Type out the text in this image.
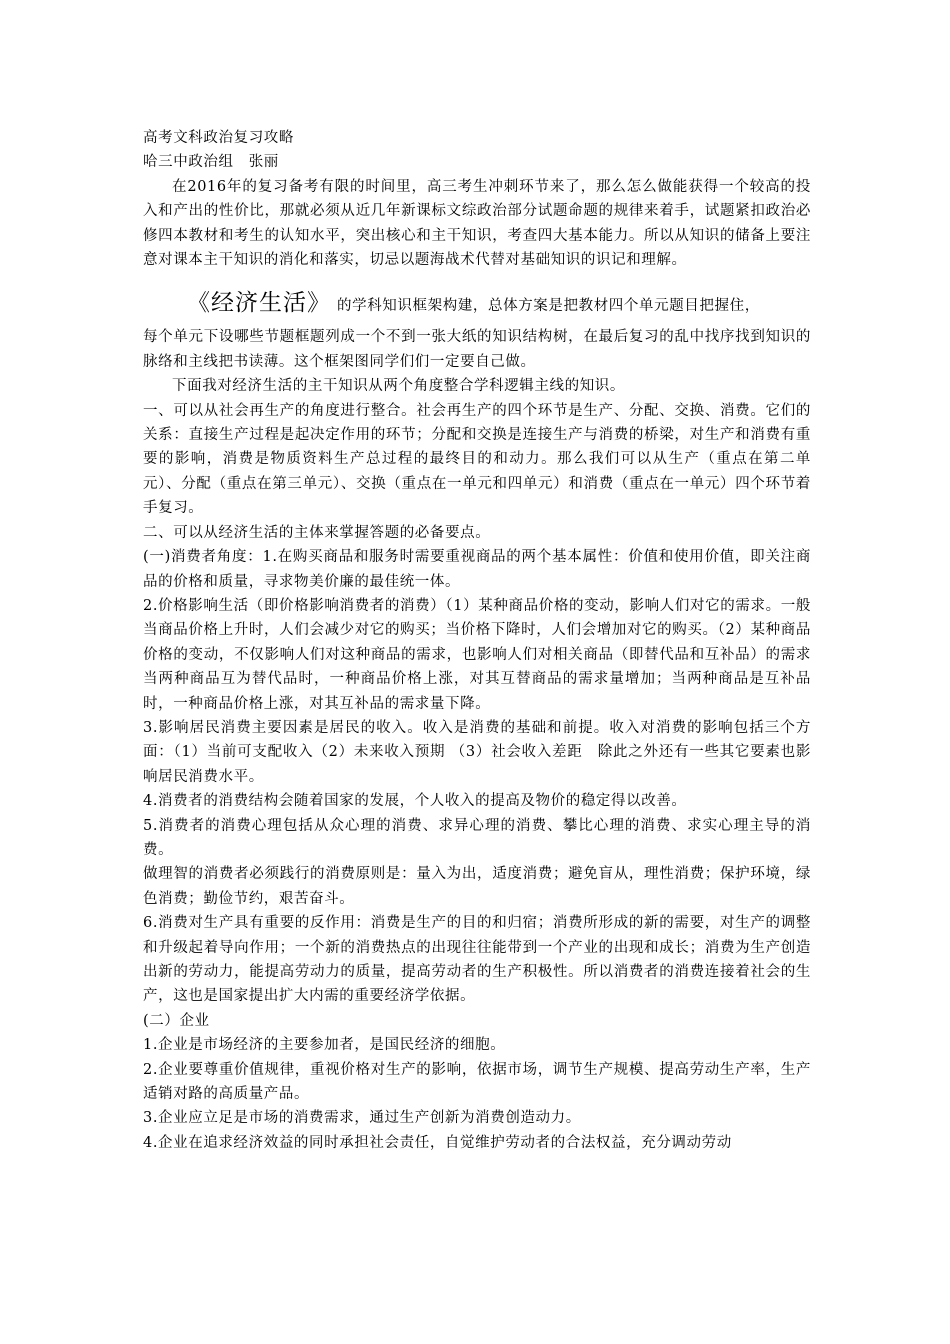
高考文科政治复习攻略

哈三中政治组　张丽

在2016年的复习备考有限的时间里，高三考生冲刺环节来了，那么怎么做能获得一个较高的投入和产出的性价比，那就必须从近几年新课标文综政治部分试题命题的规律来着手，试题紧扣政治必修四本教材和考生的认知水平，突出核心和主干知识，考查四大基本能力。所以从知识的储备上要注意对课本主干知识的消化和落实，切忌以题海战术代替对基础知识的识记和理解。

《经济生活》 的学科知识框架构建，总体方案是把教材四个单元题目把握住，

每个单元下设哪些节题框题列成一个不到一张大纸的知识结构树，在最后复习的乱中找序找到知识的脉络和主线把书读薄。这个框架图同学们们一定要自己做。

下面我对经济生活的主干知识从两个角度整合学科逻辑主线的知识。

一、可以从社会再生产的角度进行整合。社会再生产的四个环节是生产、分配、交换、消费。它们的关系：直接生产过程是起决定作用的环节；分配和交换是连接生产与消费的桥梁，对生产和消费有重要的影响，消费是物质资料生产总过程的最终目的和动力。那么我们可以从生产（重点在第二单元）、分配（重点在第三单元）、交换（重点在一单元和四单元）和消费（重点在一单元）四个环节着手复习。

二、可以从经济生活的主体来掌握答题的必备要点。

(一)消费者角度：1.在购买商品和服务时需要重视商品的两个基本属性：价值和使用价值，即关注商品的价格和质量，寻求物美价廉的最佳统一体。

2.价格影响生活（即价格影响消费者的消费）（1）某种商品价格的变动，影响人们对它的需求。一般当商品价格上升时，人们会减少对它的购买；当价格下降时，人们会增加对它的购买。（2）某种商品价格的变动，不仅影响人们对这种商品的需求，也影响人们对相关商品（即替代品和互补品）的需求 当两种商品互为替代品时，一种商品价格上涨，对其互替商品的需求量增加；当两种商品是互补品时，一种商品价格上涨，对其互补品的需求量下降。

3.影响居民消费主要因素是居民的收入。收入是消费的基础和前提。收入对消费的影响包括三个方面：（1）当前可支配收入（2）未来收入预期 （3）社会收入差距　除此之外还有一些其它要素也影响居民消费水平。

4.消费者的消费结构会随着国家的发展，个人收入的提高及物价的稳定得以改善。

5.消费者的消费心理包括从众心理的消费、求异心理的消费、攀比心理的消费、求实心理主导的消费。

做理智的消费者必须践行的消费原则是：量入为出，适度消费；避免盲从，理性消费；保护环境，绿色消费；勤俭节约，艰苦奋斗。

6.消费对生产具有重要的反作用：消费是生产的目的和归宿；消费所形成的新的需要，对生产的调整和升级起着导向作用；一个新的消费热点的出现往往能带到一个产业的出现和成长；消费为生产创造出新的劳动力，能提高劳动力的质量，提高劳动者的生产积极性。所以消费者的消费连接着社会的生产，这也是国家提出扩大内需的重要经济学依据。

(二）企业

1.企业是市场经济的主要参加者，是国民经济的细胞。

2.企业要尊重价值规律，重视价格对生产的影响，依据市场，调节生产规模、提高劳动生产率，生产适销对路的高质量产品。

3.企业应立足是市场的消费需求，通过生产创新为消费创造动力。

4.企业在追求经济效益的同时承担社会责任，自觉维护劳动者的合法权益，充分调动劳动
